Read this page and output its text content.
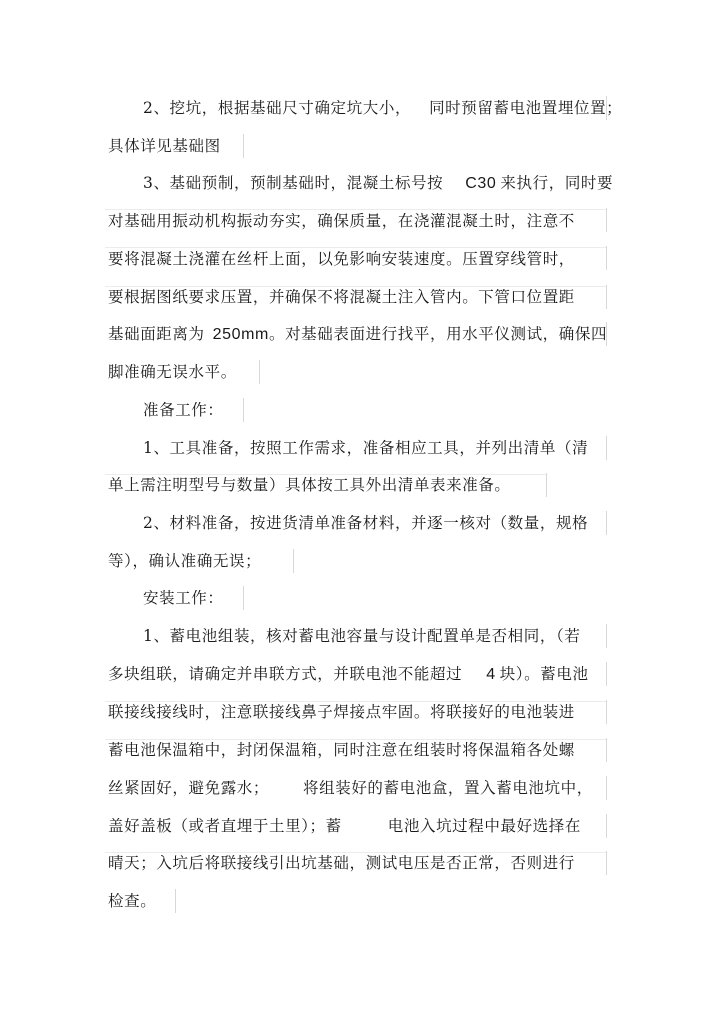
2、挖坑，根据基础尺寸确定坑大小， 同时预留蓄电池置埋位置；
具体详见基础图
3、基础预制，预制基础时，混凝土标号按 C30 来执行，同时要
对基础用振动机构振动夯实，确保质量，在浇灌混凝土时，注意不
要将混凝土浇灌在丝杆上面，以免影响安装速度。压置穿线管时，
要根据图纸要求压置，并确保不将混凝土注入管内。下管口位置距
基础面距离为 250mm。对基础表面进行找平，用水平仪测试，确保四
脚准确无误水平。
准备工作：
1、工具准备，按照工作需求，准备相应工具，并列出清单（清
单上需注明型号与数量）具体按工具外出清单表来准备。
2、材料准备，按进货清单准备材料，并逐一核对（数量，规格
等），确认准确无误；
安装工作：
1、蓄电池组装，核对蓄电池容量与设计配置单是否相同，（若
多块组联，请确定并串联方式，并联电池不能超过 4 块）。蓄电池
联接线接线时，注意联接线鼻子焊接点牢固。将联接好的电池装进
蓄电池保温箱中，封闭保温箱，同时注意在组装时将保温箱各处螺
丝紧固好，避免露水； 将组装好的蓄电池盒，置入蓄电池坑中，
盖好盖板（或者直埋于土里）；蓄	电池入坑过程中最好选择在
晴天；入坑后将联接线引出坑基础，测试电压是否正常，否则进行
检查。
